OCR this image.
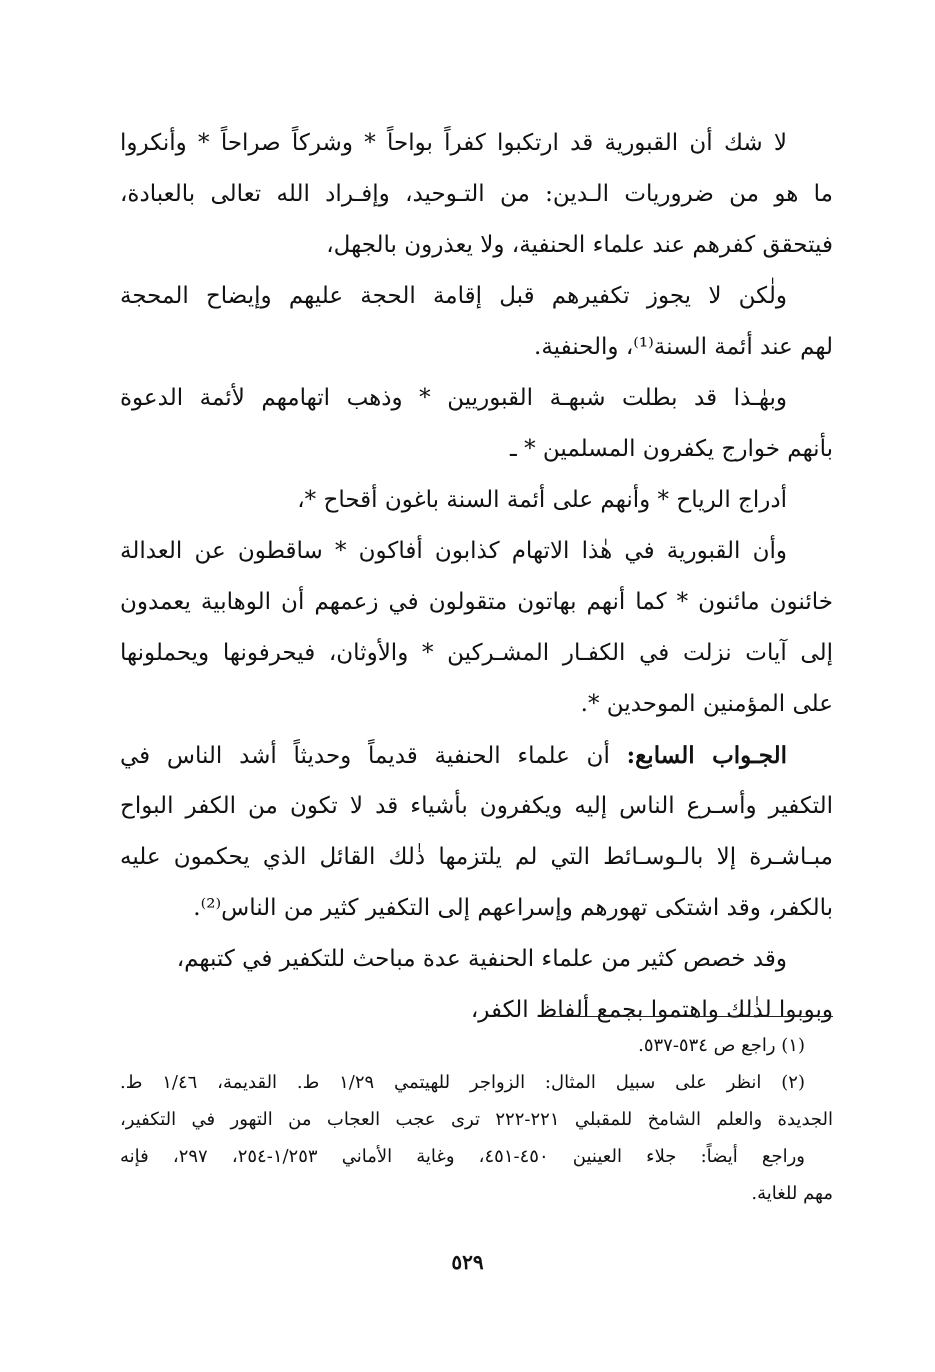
لا شك أن القبورية قد ارتكبوا كفراً بواحاً * وشركاً صراحاً * وأنكروا
ما هو من ضروريات الـدين: من التـوحيد، وإفـراد الله تعالى بالعبادة،
فيتحقق كفرهم عند علماء الحنفية، ولا يعذرون بالجهل،
ولٰكن لا يجوز تكفيرهم قبل إقامة الحجة عليهم وإيضاح المحجة
لهم عند أئمة السنة⁽¹⁾، والحنفية.
وبهٰـذا قد بطلت شبهـة القبوريين * وذهب اتهامهم لأئمة الدعوة
بأنهم خوارج يكفرون المسلمين * ـ
أدراج الرياح * وأنهم على أئمة السنة باغون أقحاح *،
وأن القبورية في هٰذا الاتهام كذابون أفاكون * ساقطون عن العدالة
خائنون مائنون * كما أنهم بهاتون متقولون في زعمهم أن الوهابية يعمدون
إلى آيات نزلت في الكفـار المشـركين * والأوثان، فيحرفونها ويحملونها
على المؤمنين الموحدين *.
الجـواب السابع: أن علماء الحنفية قديماً وحديثاً أشد الناس في
التكفير وأسـرع الناس إليه ويكفرون بأشياء قد لا تكون من الكفر البواح
مبـاشـرة إلا بالـوسـائط التي لم يلتزمها ذٰلك القائل الذي يحكمون عليه
بالكفر، وقد اشتكى تهورهم وإسراعهم إلى التكفير كثير من الناس⁽²⁾.
وقد خصص كثير من علماء الحنفية عدة مباحث للتكفير في كتبهم،
وبوبوا لذٰلك واهتموا بجمع ألفاظ الكفر،
(١) راجع ص ٥٣٤-٥٣٧.
(٢) انظر على سبيل المثال: الزواجر للهيتمي ١/٢٩ ط. القديمة، ١/٤٦ ط.
الجديدة والعلم الشامخ للمقبلي ٢٢١-٢٢٢ ترى عجب العجاب من التهور في التكفير،
وراجع أيضاً: جلاء العينين ٤٥٠-٤٥١، وغاية الأماني ١/٢٥٣-٢٥٤، ٢٩٧، فإنه
مهم للغاية.
٥٢٩
